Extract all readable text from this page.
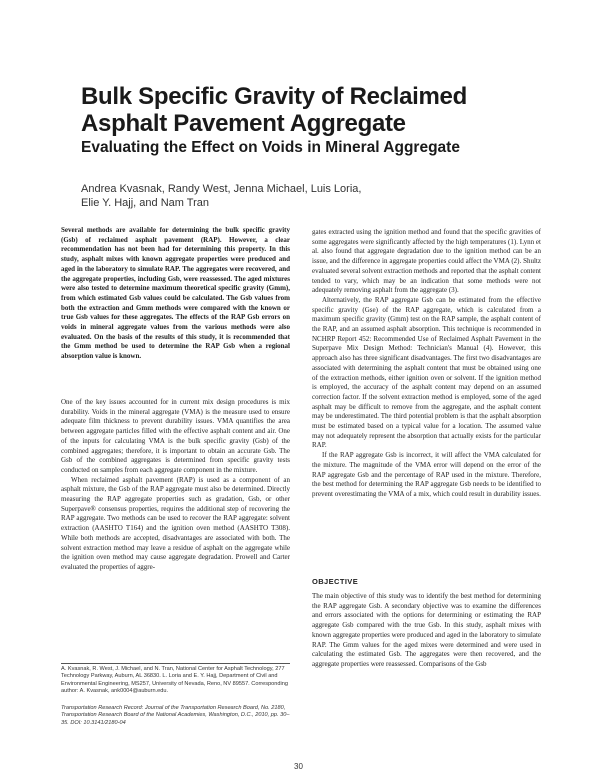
Bulk Specific Gravity of Reclaimed Asphalt Pavement Aggregate
Evaluating the Effect on Voids in Mineral Aggregate
Andrea Kvasnak, Randy West, Jenna Michael, Luis Loria,
Elie Y. Hajj, and Nam Tran

Several methods are available for determining the bulk specific gravity (Gsb) of reclaimed asphalt pavement (RAP). However, a clear recommendation has not been had for determining this property. In this study, asphalt mixes with known aggregate properties were produced and aged in the laboratory to simulate RAP. The aggregates were recovered, and the aggregate properties, including Gsb, were reassessed. The aged mixtures were also tested to determine maximum theoretical specific gravity (Gmm), from which estimated Gsb values could be calculated. The Gsb values from both the extraction and Gmm methods were compared with the known or true Gsb values for these aggregates. The effects of the RAP Gsb errors on voids in mineral aggregate values from the various methods were also evaluated. On the basis of the results of this study, it is recommended that the Gmm method be used to determine the RAP Gsb when a regional absorption value is known.

One of the key issues accounted for in current mix design procedures is mix durability. Voids in the mineral aggregate (VMA) is the measure used to ensure adequate film thickness to prevent durability issues. VMA quantifies the area between aggregate particles filled with the effective asphalt content and air. One of the inputs for calculating VMA is the bulk specific gravity (Gsb) of the combined aggregates; therefore, it is important to obtain an accurate Gsb. The Gsb of the combined aggregates is determined from specific gravity tests conducted on samples from each aggregate component in the mixture.

When reclaimed asphalt pavement (RAP) is used as a component of an asphalt mixture, the Gsb of the RAP aggregate must also be determined. Directly measuring the RAP aggregate properties such as gradation, Gsb, or other Superpave® consensus properties, requires the additional step of recovering the RAP aggregate. Two methods can be used to recover the RAP aggregate: solvent extraction (AASHTO T164) and the ignition oven method (AASHTO T308). While both methods are accepted, disadvantages are associated with both. The solvent extraction method may leave a residue of asphalt on the aggregate while the ignition oven method may cause aggregate degradation. Prowell and Carter evaluated the properties of aggre-

gates extracted using the ignition method and found that the specific gravities of some aggregates were significantly affected by the high temperatures (1). Lynn et al. also found that aggregate degradation due to the ignition method can be an issue, and the difference in aggregate properties could affect the VMA (2). Shultz evaluated several solvent extraction methods and reported that the asphalt content tended to vary, which may be an indication that some methods were not adequately removing asphalt from the aggregate (3).

Alternatively, the RAP aggregate Gsb can be estimated from the effective specific gravity (Gse) of the RAP aggregate, which is calculated from a maximum specific gravity (Gmm) test on the RAP sample, the asphalt content of the RAP, and an assumed asphalt absorption. This technique is recommended in NCHRP Report 452: Recommended Use of Reclaimed Asphalt Pavement in the Superpave Mix Design Method: Technician's Manual (4). However, this approach also has three significant disadvantages. The first two disadvantages are associated with determining the asphalt content that must be obtained using one of the extraction methods, either ignition oven or solvent. If the ignition method is employed, the accuracy of the asphalt content may depend on an assumed correction factor. If the solvent extraction method is employed, some of the aged asphalt may be difficult to remove from the aggregate, and the asphalt content may be underestimated. The third potential problem is that the asphalt absorption must be estimated based on a typical value for a location. The assumed value may not adequately represent the absorption that actually exists for the particular RAP.

If the RAP aggregate Gsb is incorrect, it will affect the VMA calculated for the mixture. The magnitude of the VMA error will depend on the error of the RAP aggregate Gsb and the percentage of RAP used in the mixture. Therefore, the best method for determining the RAP aggregate Gsb needs to be identified to prevent overestimating the VMA of a mix, which could result in durability issues.

OBJECTIVE

The main objective of this study was to identify the best method for determining the RAP aggregate Gsb. A secondary objective was to examine the differences and errors associated with the options for determining or estimating the RAP aggregate Gsb compared with the true Gsb. In this study, asphalt mixes with known aggregate properties were produced and aged in the laboratory to simulate RAP. The Gmm values for the aged mixes were determined and were used in calculating the estimated Gsb. The aggregates were then recovered, and the aggregate properties were reassessed. Comparisons of the Gsb

A. Kvasnak, R. West, J. Michael, and N. Tran, National Center for Asphalt Technology, 277 Technology Parkway, Auburn, AL 36830. L. Loria and E. Y. Hajj, Department of Civil and Environmental Engineering, MS257, University of Nevada, Reno, NV 89557. Corresponding author: A. Kvasnak, ank0004@auburn.edu.
Transportation Research Record: Journal of the Transportation Research Board, No. 2180, Transportation Research Board of the National Academies, Washington, D.C., 2010, pp. 30–35. DOI: 10.3141/2180-04
30
